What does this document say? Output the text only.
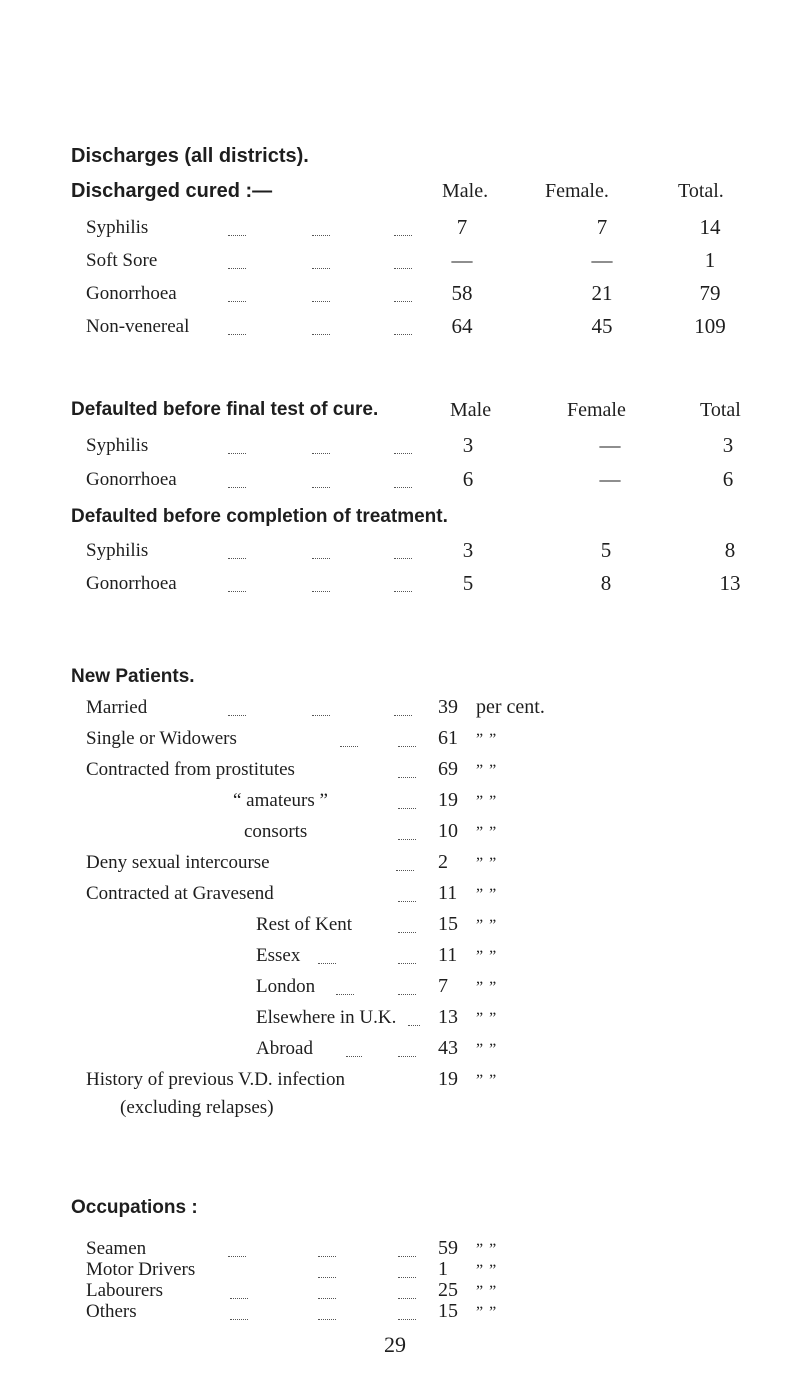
Discharges (all districts).
Discharged cured :—	Male.	Female.	Total.
Syphilis	7	7	14
Soft Sore	—	—	1
Gonorrhoea	58	21	79
Non-venereal	64	45	109
Defaulted before final test of cure.	Male	Female	Total
Syphilis	3	—	3
Gonorrhoea	6	—	6
Defaulted before completion of treatment.
Syphilis	3	5	8
Gonorrhoea	5	8	13
New Patients.
Married	39 per cent.
Single or Widowers	61 ” ”
Contracted from prostitutes	69 ” ”
“ amateurs ”	19 ” ”
consorts	10 ” ”
Deny sexual intercourse	2 ” ”
Contracted at Gravesend	11 ” ”
Rest of Kent	15 ” ”
Essex	11 ” ”
London	7 ” ”
Elsewhere in U.K. 13 ” ”
Abroad	43 ” ”
History of previous V.D. infection	19 ” ”
(excluding relapses)
Occupations :
Seamen	59 ” ”
Motor Drivers	1 ” ”
Labourers	25 ” ”
Others	15 ” ”
29
